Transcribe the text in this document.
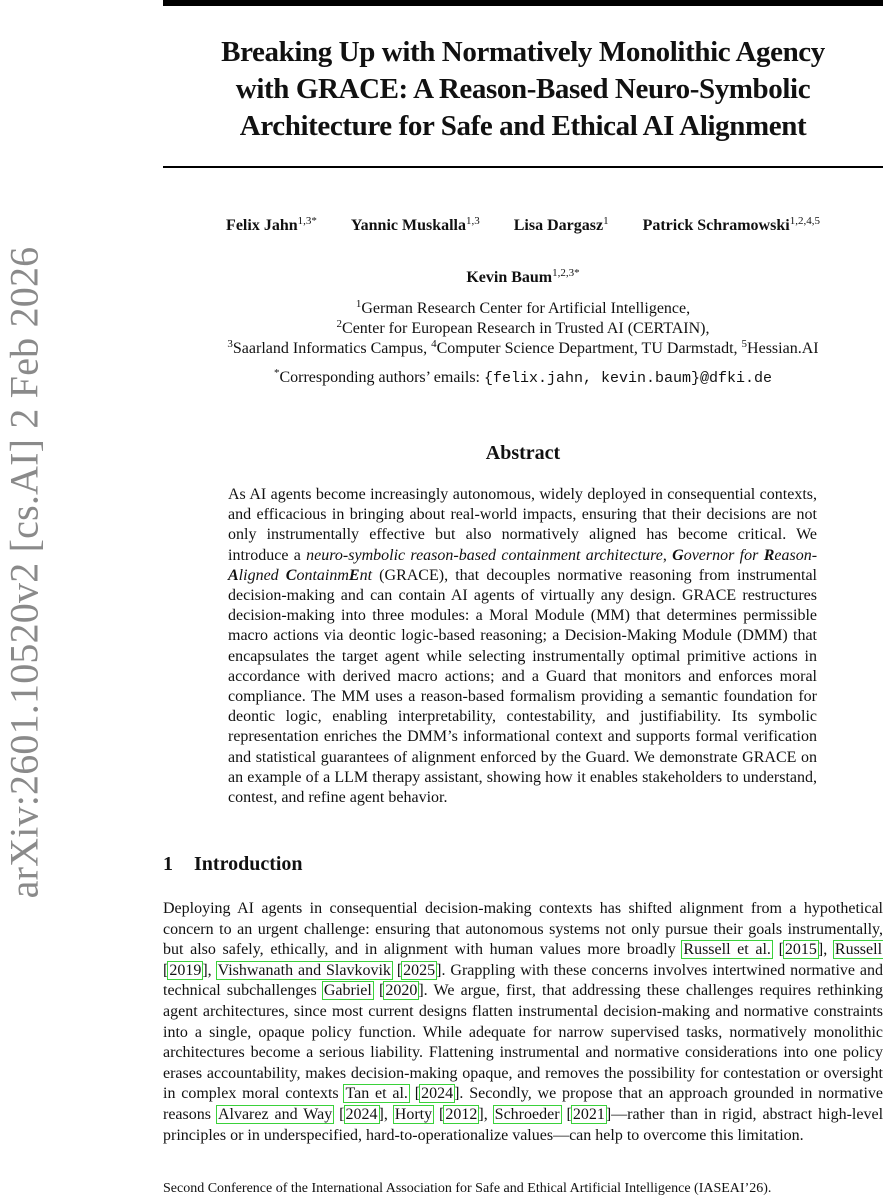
arXiv:2601.10520v2 [cs.AI] 2 Feb 2026
Breaking Up with Normatively Monolithic Agency
with GRACE: A Reason-Based Neuro-Symbolic
Architecture for Safe and Ethical AI Alignment
Felix Jahn$^{1,3*}$ Yannic Muskalla$^{1,3}$ Lisa Dargasz$^1$ Patrick Schramowski$^{1,2,4,5}$
Kevin Baum$^{1,2,3*}$
$^1$German Research Center for Artificial Intelligence,
$^2$Center for European Research in Trusted AI (CERTAIN),
$^3$Saarland Informatics Campus, $^4$Computer Science Department, TU Darmstadt, $^5$Hessian.AI
*Corresponding authors’ emails: {felix.jahn, kevin.baum}@dfki.de
Abstract
As AI agents become increasingly autonomous, widely deployed in consequential contexts, and efficacious in bringing about real-world impacts, ensuring that their decisions are not only instrumentally effective but also normatively aligned has become critical. We introduce a neuro-symbolic reason-based containment architecture, Governor for Reason-Aligned ContainmEnt (GRACE), that decouples normative reasoning from instrumental decision-making and can contain AI agents of virtually any design. GRACE restructures decision-making into three modules: a Moral Module (MM) that determines permissible macro actions via deontic logic-based reasoning; a Decision-Making Module (DMM) that encapsulates the target agent while selecting instrumentally optimal primitive actions in accordance with derived macro actions; and a Guard that monitors and enforces moral compliance. The MM uses a reason-based formalism providing a semantic foundation for deontic logic, enabling interpretability, contestability, and justifiability. Its symbolic representation enriches the DMM’s informational context and supports formal verification and statistical guarantees of alignment enforced by the Guard. We demonstrate GRACE on an example of a LLM therapy assistant, showing how it enables stakeholders to understand, contest, and refine agent behavior.
1 Introduction
Deploying AI agents in consequential decision-making contexts has shifted alignment from a hypothetical concern to an urgent challenge: ensuring that autonomous systems not only pursue their goals instrumentally, but also safely, ethically, and in alignment with human values more broadly Russell et al. [2015], Russell [2019], Vishwanath and Slavkovik [2025]. Grappling with these concerns involves intertwined normative and technical subchallenges Gabriel [2020]. We argue, first, that addressing these challenges requires rethinking agent architectures, since most current designs flatten instrumental decision-making and normative constraints into a single, opaque policy function. While adequate for narrow supervised tasks, normatively monolithic architectures become a serious liability. Flattening instrumental and normative considerations into one policy erases accountability, makes decision-making opaque, and removes the possibility for contestation or oversight in complex moral contexts Tan et al. [2024]. Secondly, we propose that an approach grounded in normative reasons Alvarez and Way [2024], Horty [2012], Schroeder [2021]—rather than in rigid, abstract high-level principles or in underspecified, hard-to-operationalize values—can help to overcome this limitation.
Second Conference of the International Association for Safe and Ethical Artificial Intelligence (IASEAI’26).
